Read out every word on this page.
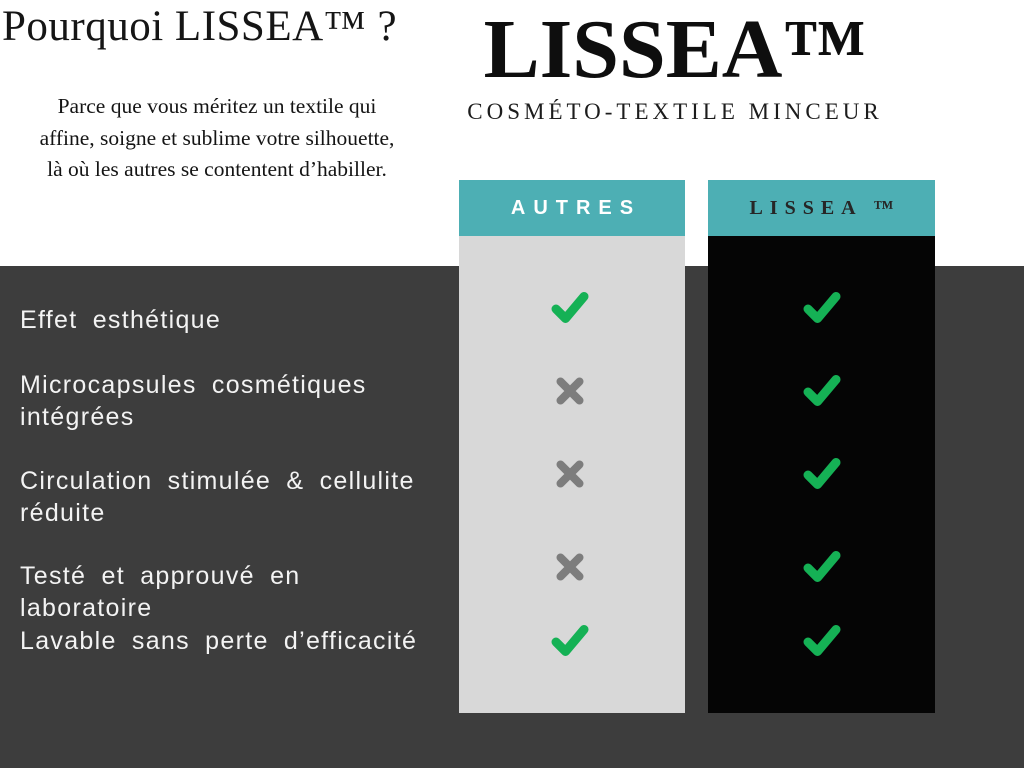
Pourquoi LISSEA™ ?
Parce que vous méritez un textile qui
affine, soigne et sublime votre silhouette,
là où les autres se contentent d’habiller.
LISSEA™
COSMÉTO-TEXTILE MINCEUR
AUTRES	LISSEA ™
Effet esthétique
Microcapsules cosmétiques
intégrées
Circulation stimulée & cellulite
réduite
Testé et approuvé en laboratoire
Lavable sans perte d’efficacité
